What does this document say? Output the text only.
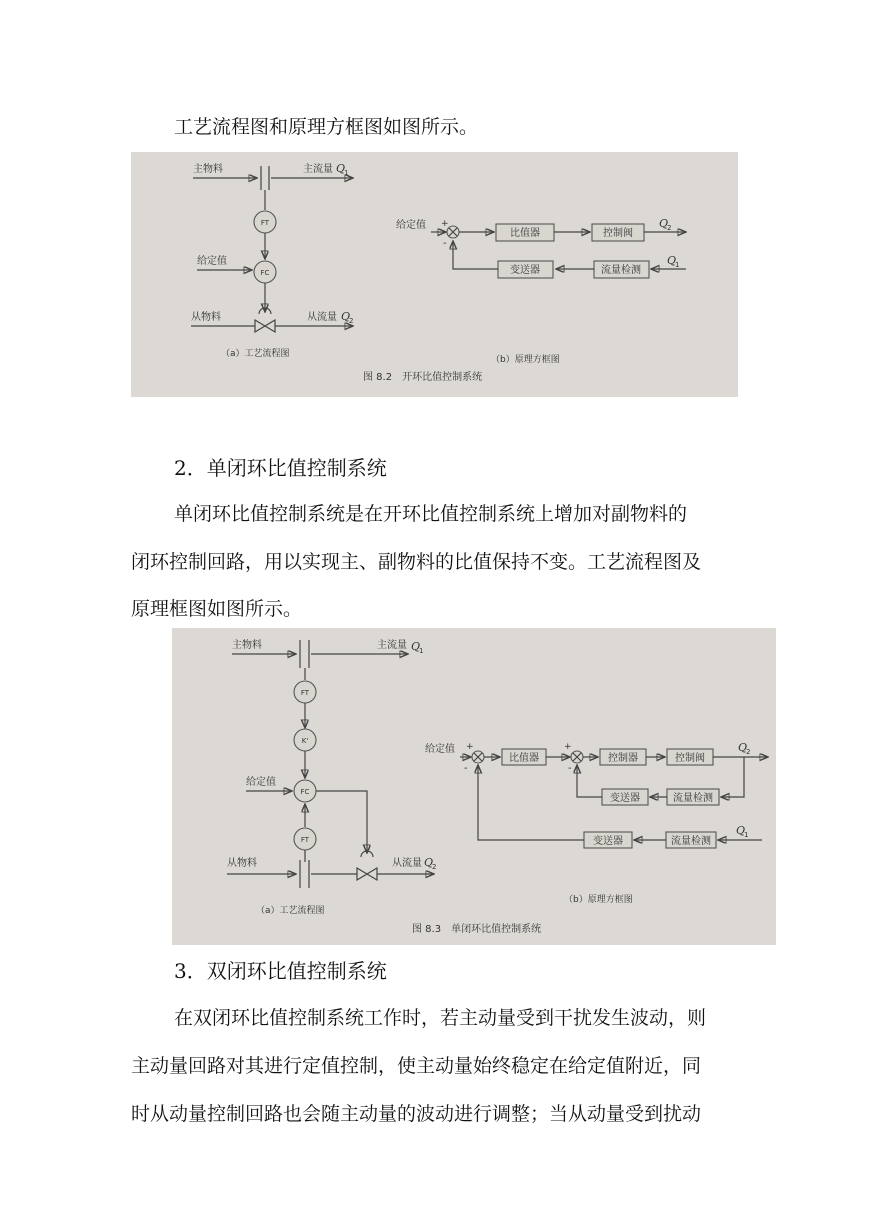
工艺流程图和原理方框图如图所示。
主物料	主流量 Q
1
FT
给定值
FC
从物料	从流量 Q
2
（a）工艺流程图
给定值 +
-
比值器	控制阀
Q
2
Q
1
流量检测
变送器
（b）原理方框图
图 8.2　开环比值控制系统
2．单闭环比值控制系统
单闭环比值控制系统是在开环比值控制系统上增加对副物料的
闭环控制回路，用以实现主、副物料的比值保持不变。工艺流程图及
原理框图如图所示。
主物料	主流量 Q
1
FT
K'
给定值
FC
FT
从物料	从流量 Q
2
（a）工艺流程图
给定值 +
-
比值器
+
-
控制器	控制阀
Q
2
流量检测
变送器
Q
1
流量检测
变送器
（b）原理方框图
图 8.3　单闭环比值控制系统
3．双闭环比值控制系统
在双闭环比值控制系统工作时，若主动量受到干扰发生波动，则
主动量回路对其进行定值控制，使主动量始终稳定在给定值附近，同
时从动量控制回路也会随主动量的波动进行调整；当从动量受到扰动
